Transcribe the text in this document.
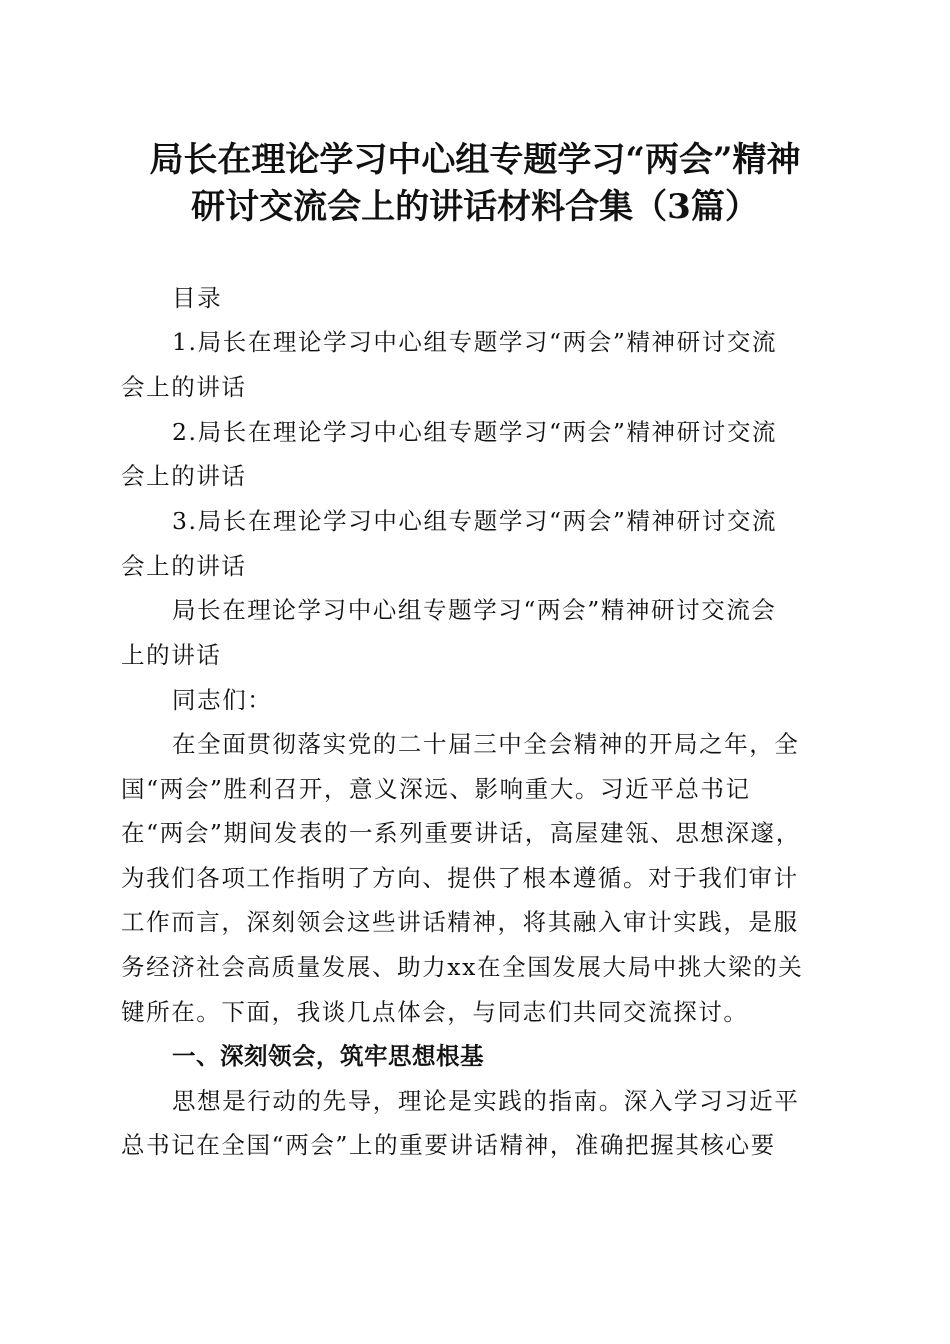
局长在理论学习中心组专题学习“两会”精神
研讨交流会上的讲话材料合集（3篇）
目录
1.局长在理论学习中心组专题学习“两会”精神研讨交流
会上的讲话
2.局长在理论学习中心组专题学习“两会”精神研讨交流
会上的讲话
3.局长在理论学习中心组专题学习“两会”精神研讨交流
会上的讲话
局长在理论学习中心组专题学习“两会”精神研讨交流会
上的讲话
同志们：
在全面贯彻落实党的二十届三中全会精神的开局之年，全
国“两会”胜利召开，意义深远、影响重大。习近平总书记
在“两会”期间发表的一系列重要讲话，高屋建瓴、思想深邃，
为我们各项工作指明了方向、提供了根本遵循。对于我们审计
工作而言，深刻领会这些讲话精神，将其融入审计实践，是服
务经济社会高质量发展、助力xx在全国发展大局中挑大梁的关
键所在。下面，我谈几点体会，与同志们共同交流探讨。
一、深刻领会，筑牢思想根基
思想是行动的先导，理论是实践的指南。深入学习习近平
总书记在全国“两会”上的重要讲话精神，准确把握其核心要
